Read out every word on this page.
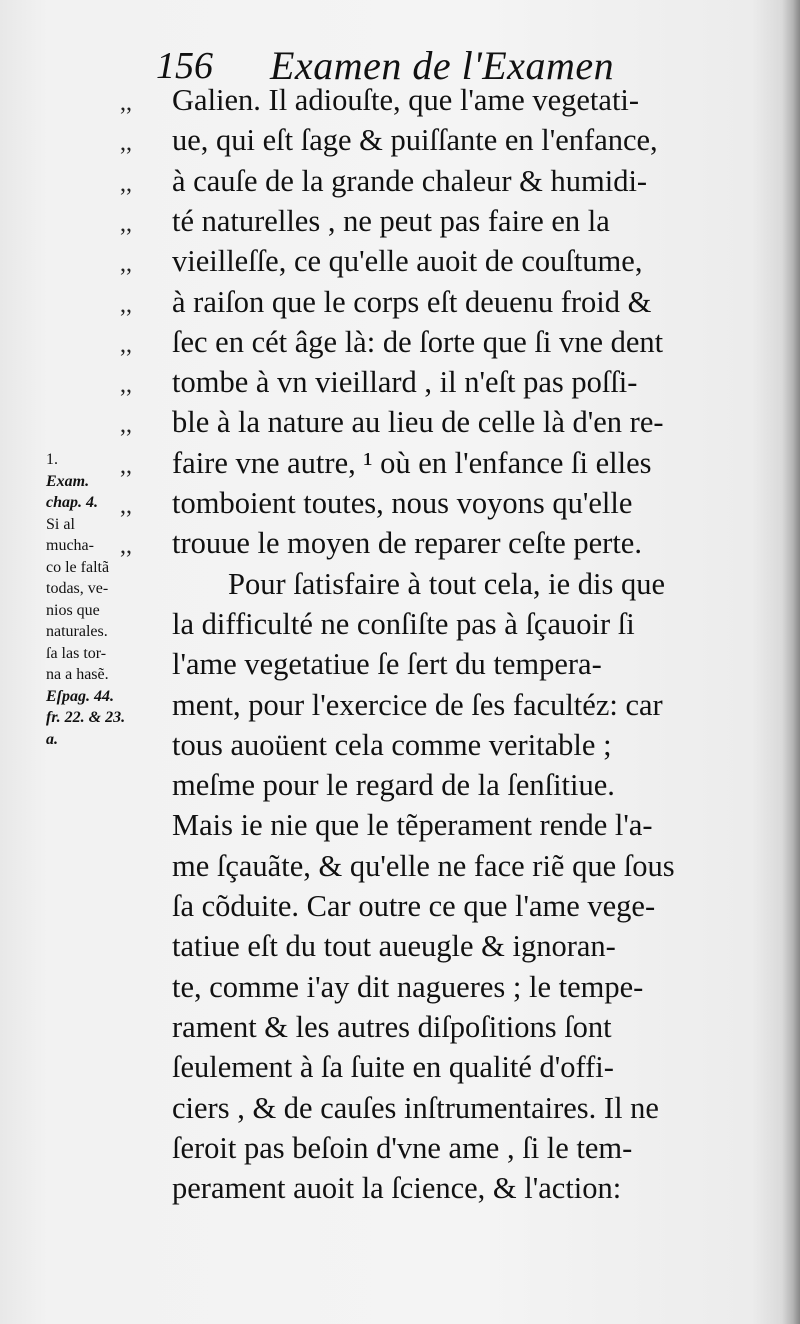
156 Examen de l'Examen
,, Galien. Il adiouſte, que l'ame vegetati-
,, ue, qui eſt ſage & puiſſante en l'enfance,
,, à cauſe de la grande chaleur & humidi-
,, té naturelles , ne peut pas faire en la
,, vieilleſſe, ce qu'elle auoit de couſtume,
,, à raiſon que le corps eſt deuenu froid &
,, ſec en cét âge là: de ſorte que ſi vne dent
,, tombe à vn vieillard , il n'eſt pas poſſi-
,, ble à la nature au lieu de celle là d'en re-
,, faire vne autre, ¹ où en l'enfance ſi elles
,, tomboient toutes, nous voyons qu'elle
,, trouue le moyen de reparer ceſte perte.
Pour ſatisfaire à tout cela, ie dis que
la difficulté ne conſiſte pas à ſçauoir ſi
l'ame vegetatiue ſe ſert du tempera-
ment, pour l'exercice de ſes facultéz: car
tous auoüent cela comme veritable ;
meſme pour le regard de la ſenſitiue.
Mais ie nie que le tẽperament rende l'a-
me ſçauãte, & qu'elle ne face riẽ que ſous
ſa cõduite. Car outre ce que l'ame vege-
tatiue eſt du tout aueugle & ignoran-
te, comme i'ay dit nagueres ; le tempe-
rament & les autres diſpoſitions ſont
ſeulement à ſa ſuite en qualité d'offi-
ciers , & de cauſes inſtrumentaires. Il ne
ſeroit pas beſoin d'vne ame , ſi le tem-
perament auoit la ſcience, & l'action:
1.
Exam.
chap. 4.
Si al
mucha-
co le faltã
todas, ve-
nios que
naturales.
ſa las tor-
na a hasẽ.
Eſpag. 44.
fr. 22. & 23.
a.
